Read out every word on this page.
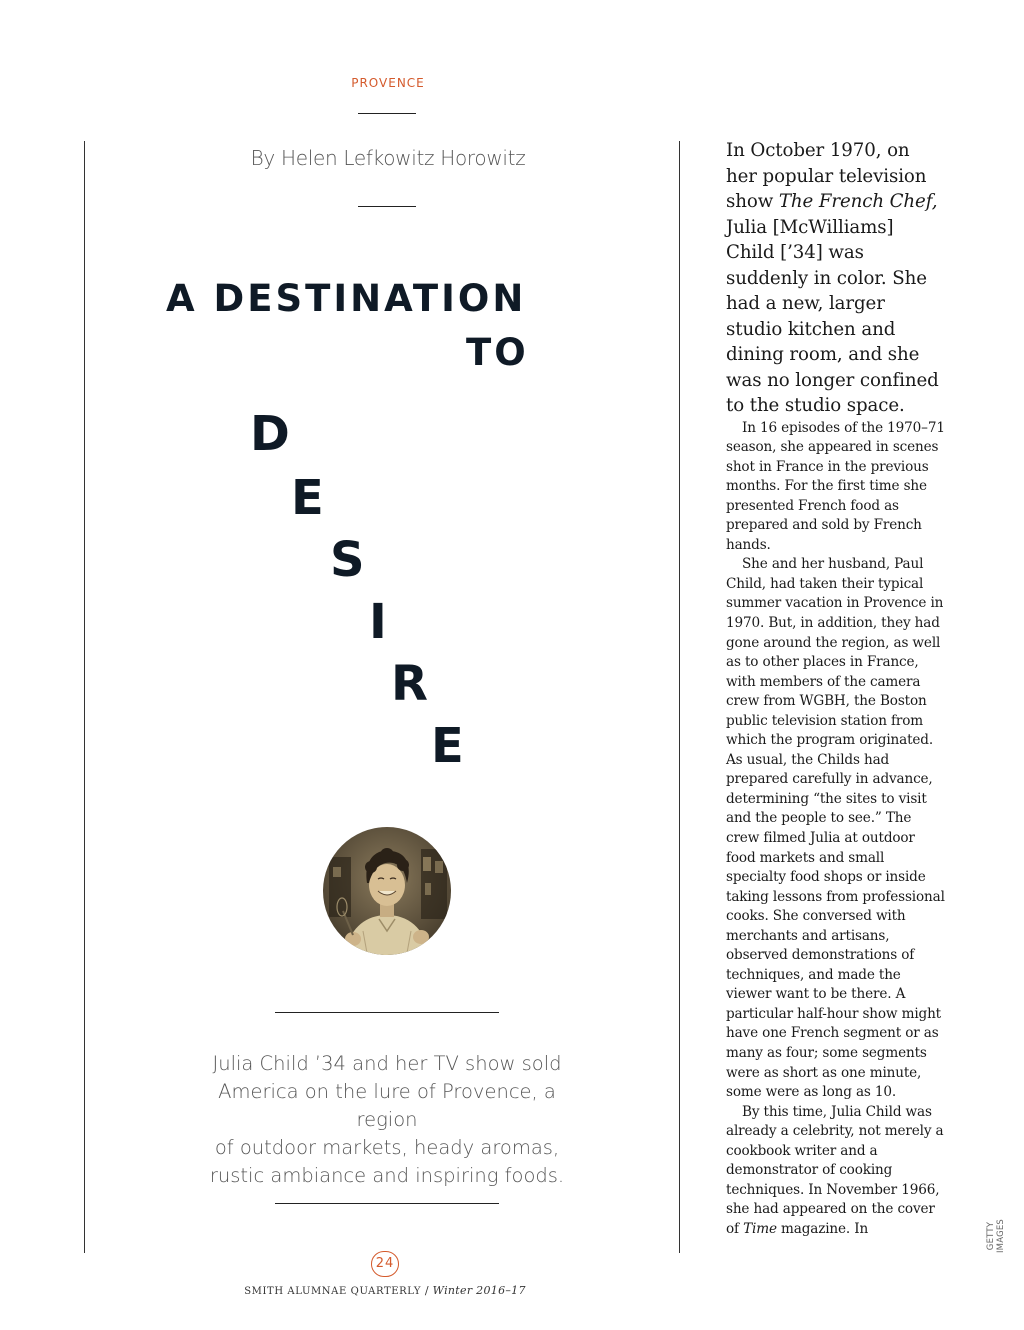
PROVENCE
By Helen Lefkowitz Horowitz
A DESTINATION
TO
D
E
S
I
R
E
Julia Child ’34 and her TV show sold
America on the lure of Provence, a region
of outdoor markets, heady aromas,
rustic ambiance and inspiring foods.
24
SMITH ALUMNAE QUARTERLY / Winter 2016–17

In October 1970, on her popular television show The French Chef, Julia [McWilliams] Child [’34] was suddenly in color. She had a new, larger studio kitchen and dining room, and she was no longer confined to the studio space.

In 16 episodes of the 1970–71 season, she appeared in scenes shot in France in the previous months. For the first time she presented French food as prepared and sold by French hands.

She and her husband, Paul Child, had taken their typical summer vacation in Provence in 1970. But, in addition, they had gone around the region, as well as to other places in France, with members of the camera crew from WGBH, the Boston public television station from which the program originated. As usual, the Childs had prepared carefully in advance, determining “the sites to visit and the people to see.” The crew filmed Julia at outdoor food markets and small specialty food shops or inside taking lessons from professional cooks. She conversed with merchants and artisans, observed demonstrations of techniques, and made the viewer want to be there. A particular half-hour show might have one French segment or as many as four; some segments were as short as one minute, some were as long as 10.

By this time, Julia Child was already a celebrity, not merely a cookbook writer and a demonstrator of cooking techniques. In November 1966, she had appeared on the cover of Time magazine. In	GETTY IMAGES
